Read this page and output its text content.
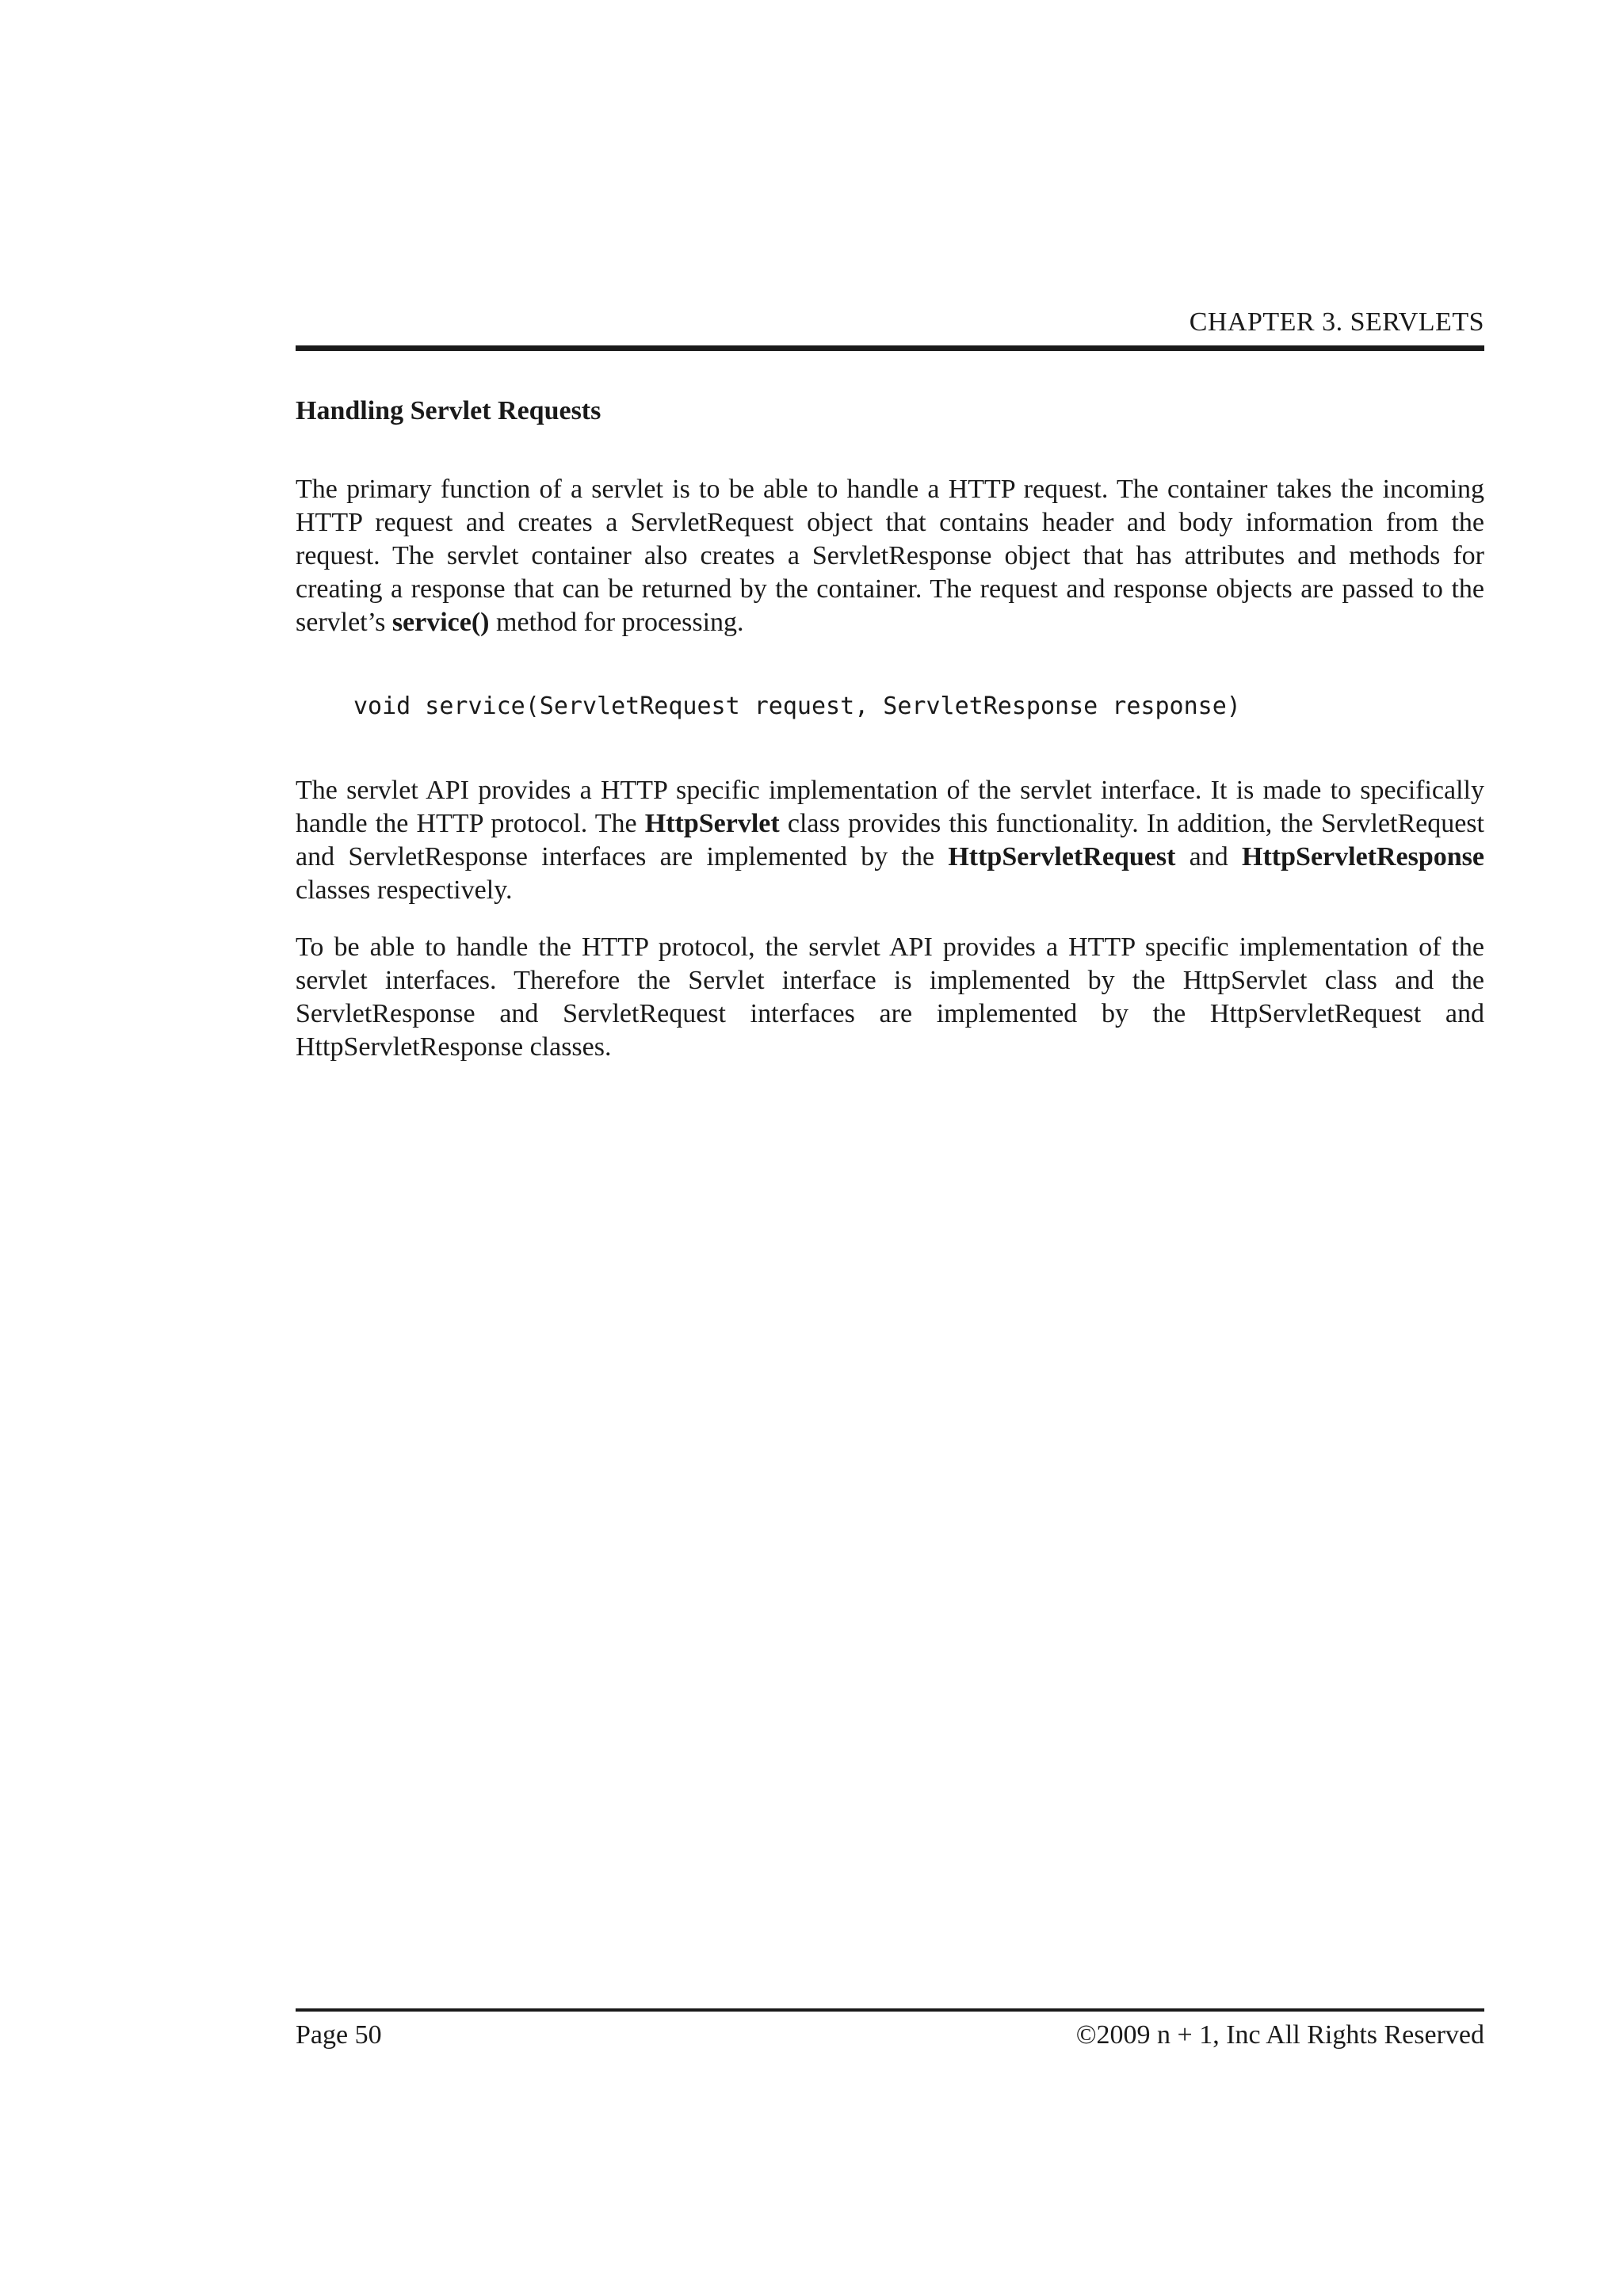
CHAPTER 3. SERVLETS
Handling Servlet Requests

The primary function of a servlet is to be able to handle a HTTP request. The container takes the incoming HTTP request and creates a ServletRequest object that contains header and body information from the request. The servlet container also creates a ServletResponse object that has attributes and methods for creating a response that can be returned by the container. The request and response objects are passed to the servlet’s service() method for processing.

void service(ServletRequest request, ServletResponse response)

The servlet API provides a HTTP specific implementation of the servlet interface. It is made to specifically handle the HTTP protocol. The HttpServlet class provides this functionality. In addition, the ServletRequest and ServletResponse interfaces are implemented by the HttpServletRequest and HttpServletResponse classes respectively.

To be able to handle the HTTP protocol, the servlet API provides a HTTP specific implementation of the servlet interfaces. Therefore the Servlet interface is implemented by the HttpServlet class and the ServletResponse and ServletRequest interfaces are implemented by the HttpServletRequest and HttpServletResponse classes.

Page 50	©2009 n + 1, Inc All Rights Reserved
